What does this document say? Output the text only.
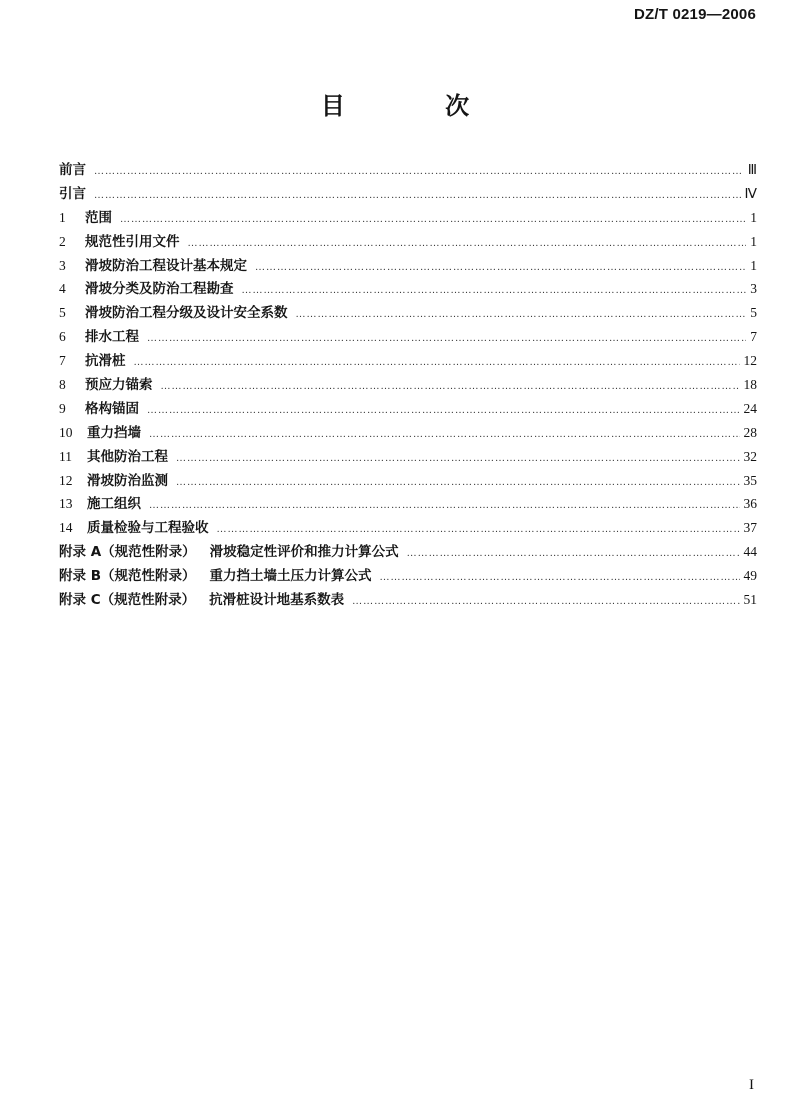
DZ/T 0219—2006
目 次
前言 ………………………………………………………………………………………………………………………………………………………………………………………………………………………………………………………	Ⅲ
引言 ………………………………………………………………………………………………………………………………………………………………………………………………………………………………………………………	Ⅳ
1 范围 ………………………………………………………………………………………………………………………………………………………………………………………………………………………………………………………	1
2 规范性引用文件 ………………………………………………………………………………………………………………………………………………………………………………………………………………………………………………………	1
3 滑坡防治工程设计基本规定 ………………………………………………………………………………………………………………………………………………………………………………………………………………………………………………………	1
4 滑坡分类及防治工程勘查 ………………………………………………………………………………………………………………………………………………………………………………………………………………………………………………………	3
5 滑坡防治工程分级及设计安全系数 ………………………………………………………………………………………………………………………………………………………………………………………………………………………………………………………	5
6 排水工程 ………………………………………………………………………………………………………………………………………………………………………………………………………………………………………………………	7
7 抗滑桩 ………………………………………………………………………………………………………………………………………………………………………………………………………………………………………………………	12
8 预应力锚索 ………………………………………………………………………………………………………………………………………………………………………………………………………………………………………………………	18
9 格构锚固 ………………………………………………………………………………………………………………………………………………………………………………………………………………………………………………………	24
10 重力挡墙 ………………………………………………………………………………………………………………………………………………………………………………………………………………………………………………………	28
11 其他防治工程 ………………………………………………………………………………………………………………………………………………………………………………………………………………………………………………………	32
12 滑坡防治监测 ………………………………………………………………………………………………………………………………………………………………………………………………………………………………………………………	35
13 施工组织 ………………………………………………………………………………………………………………………………………………………………………………………………………………………………………………………	36
14 质量检验与工程验收 ………………………………………………………………………………………………………………………………………………………………………………………………………………………………………………………	37
附录 A（规范性附录） 滑坡稳定性评价和推力计算公式 ………………………………………………………………………………………………………………………………………………………………………………………………………………………………………………………	44
附录 B（规范性附录） 重力挡土墙土压力计算公式 ………………………………………………………………………………………………………………………………………………………………………………………………………………………………………………………	49
附录 C（规范性附录） 抗滑桩设计地基系数表 ………………………………………………………………………………………………………………………………………………………………………………………………………………………………………………………	51
I
